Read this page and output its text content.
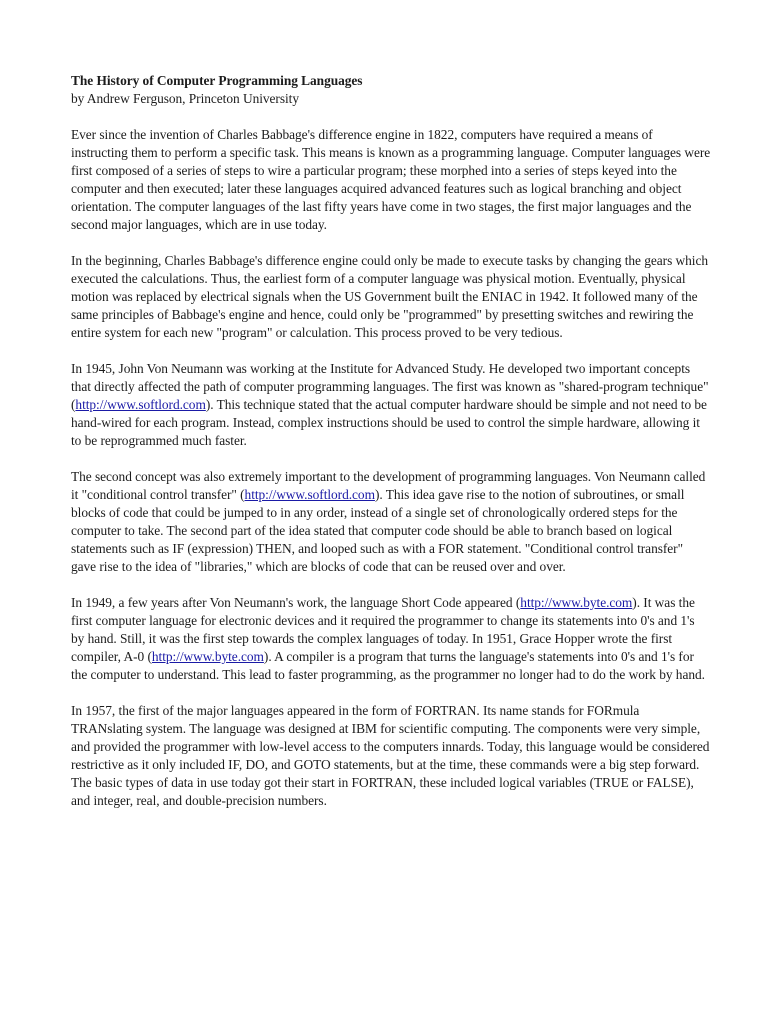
The History of Computer Programming Languages

by Andrew Ferguson, Princeton University

Ever since the invention of Charles Babbage's difference engine in 1822, computers have required a means of instructing them to perform a specific task. This means is known as a programming language. Computer languages were first composed of a series of steps to wire a particular program; these morphed into a series of steps keyed into the computer and then executed; later these languages acquired advanced features such as logical branching and object orientation. The computer languages of the last fifty years have come in two stages, the first major languages and the second major languages, which are in use today.

In the beginning, Charles Babbage's difference engine could only be made to execute tasks by changing the gears which executed the calculations. Thus, the earliest form of a computer language was physical motion. Eventually, physical motion was replaced by electrical signals when the US Government built the ENIAC in 1942. It followed many of the same principles of Babbage's engine and hence, could only be "programmed" by presetting switches and rewiring the entire system for each new "program" or calculation. This process proved to be very tedious.

In 1945, John Von Neumann was working at the Institute for Advanced Study. He developed two important concepts that directly affected the path of computer programming languages. The first was known as "shared-program technique" (http://www.softlord.com). This technique stated that the actual computer hardware should be simple and not need to be hand-wired for each program. Instead, complex instructions should be used to control the simple hardware, allowing it to be reprogrammed much faster.

The second concept was also extremely important to the development of programming languages. Von Neumann called it "conditional control transfer" (http://www.softlord.com). This idea gave rise to the notion of subroutines, or small blocks of code that could be jumped to in any order, instead of a single set of chronologically ordered steps for the computer to take. The second part of the idea stated that computer code should be able to branch based on logical statements such as IF (expression) THEN, and looped such as with a FOR statement. "Conditional control transfer" gave rise to the idea of "libraries," which are blocks of code that can be reused over and over.

In 1949, a few years after Von Neumann's work, the language Short Code appeared (http://www.byte.com). It was the first computer language for electronic devices and it required the programmer to change its statements into 0's and 1's by hand. Still, it was the first step towards the complex languages of today. In 1951, Grace Hopper wrote the first compiler, A-0 (http://www.byte.com). A compiler is a program that turns the language's statements into 0's and 1's for the computer to understand. This lead to faster programming, as the programmer no longer had to do the work by hand.

In 1957, the first of the major languages appeared in the form of FORTRAN. Its name stands for FORmula TRANslating system. The language was designed at IBM for scientific computing. The components were very simple, and provided the programmer with low-level access to the computers innards. Today, this language would be considered restrictive as it only included IF, DO, and GOTO statements, but at the time, these commands were a big step forward. The basic types of data in use today got their start in FORTRAN, these included logical variables (TRUE or FALSE), and integer, real, and double-precision numbers.
